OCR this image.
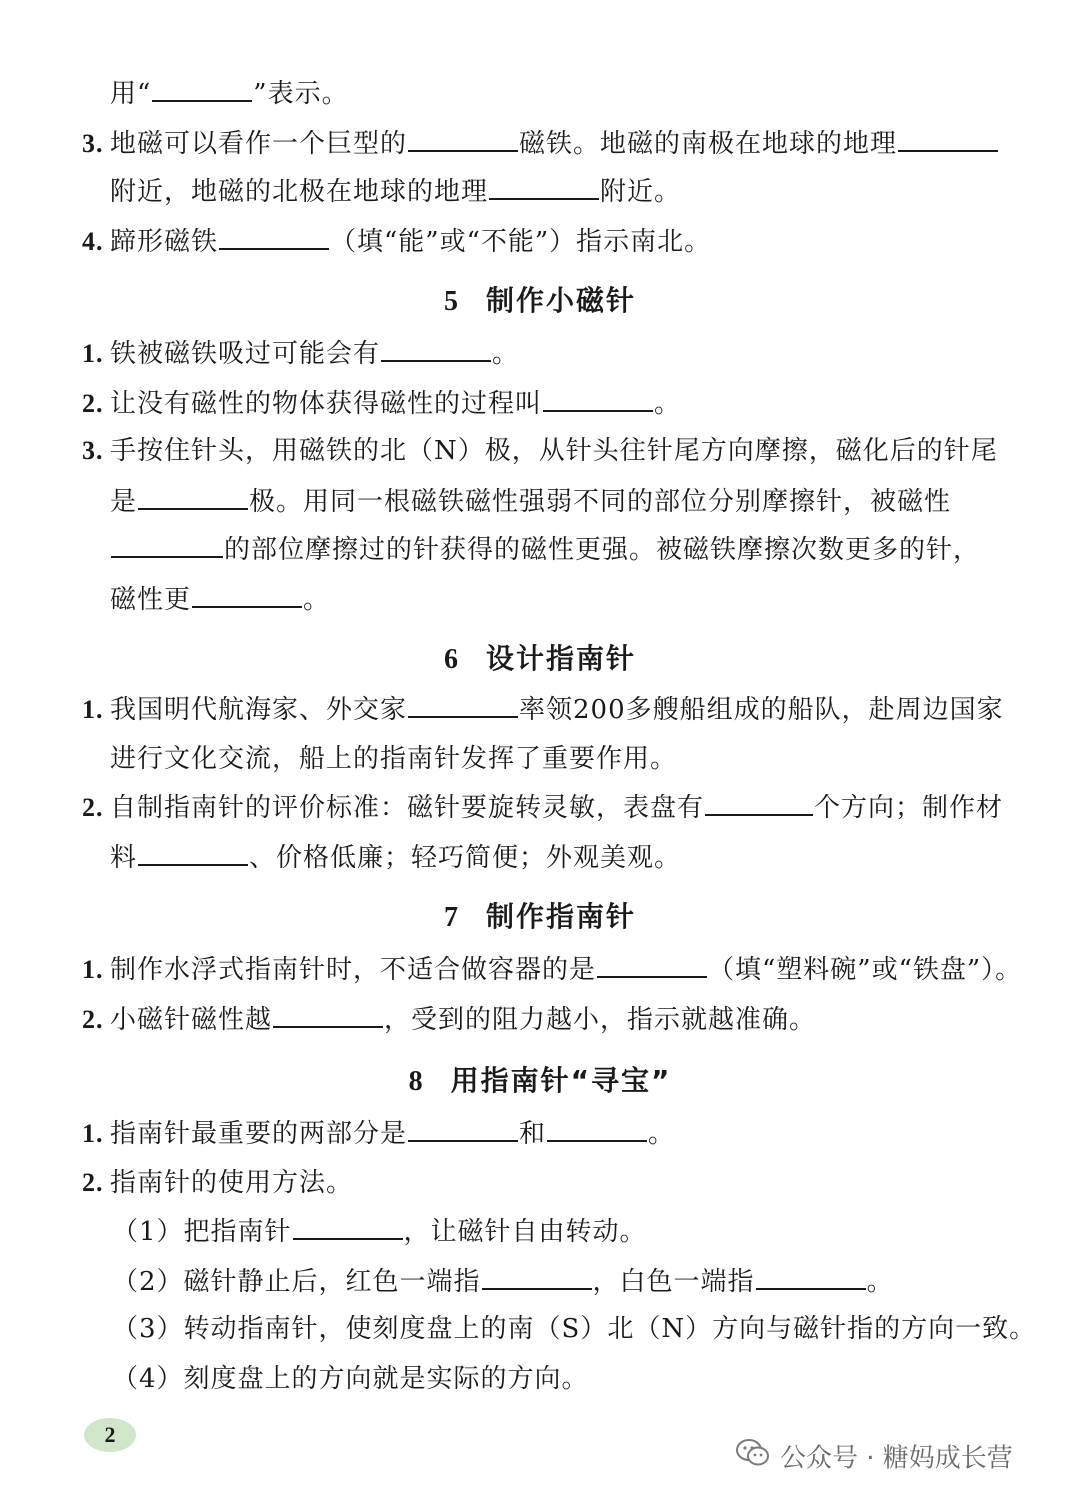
用“	”表示。
3. 地磁可以看作一个巨型的	磁铁。地磁的南极在地球的地理
附近，地磁的北极在地球的地理	附近。
4. 蹄形磁铁	（填“能”或“不能”）指示南北。
5 制作小磁针
1. 铁被磁铁吸过可能会有	。
2. 让没有磁性的物体获得磁性的过程叫	。
3. 手按住针头，用磁铁的北（N）极，从针头往针尾方向摩擦，磁化后的针尾
是	极。用同一根磁铁磁性强弱不同的部位分别摩擦针，被磁性
的部位摩擦过的针获得的磁性更强。被磁铁摩擦次数更多的针，
磁性更	。
6 设计指南针
1. 我国明代航海家、外交家	率领200多艘船组成的船队，赴周边国家
进行文化交流，船上的指南针发挥了重要作用。
2. 自制指南针的评价标准：磁针要旋转灵敏，表盘有	个方向；制作材
料	、价格低廉；轻巧简便；外观美观。
7 制作指南针
1. 制作水浮式指南针时，不适合做容器的是	（填“塑料碗”或“铁盘”）。
2. 小磁针磁性越	，受到的阻力越小，指示就越准确。
8 用指南针“寻宝”
1. 指南针最重要的两部分是	和	。
2. 指南针的使用方法。
（1）把指南针	，让磁针自由转动。
（2）磁针静止后，红色一端指	，白色一端指	。
（3）转动指南针，使刻度盘上的南（S）北（N）方向与磁针指的方向一致。
（4）刻度盘上的方向就是实际的方向。
2
公众号 · 糖妈成长营
